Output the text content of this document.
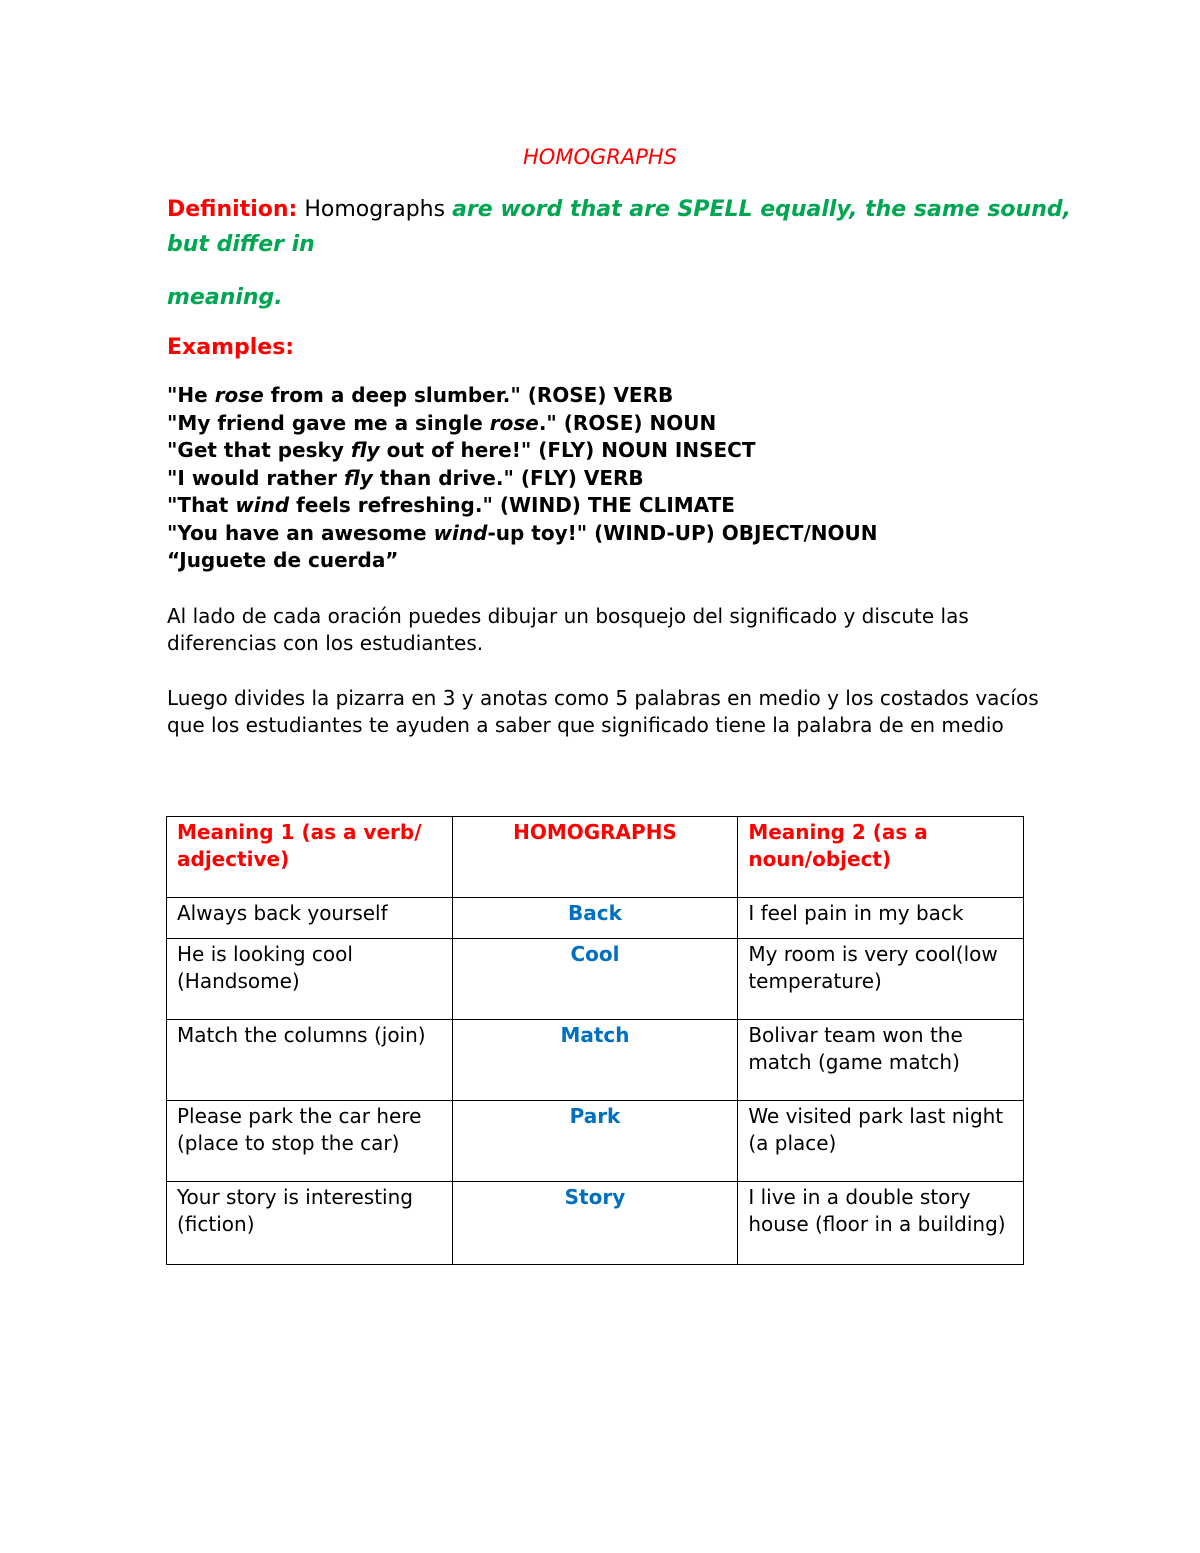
HOMOGRAPHS
Definition: Homographs are word that are SPELL equally, the same sound,
but differ in
meaning.
Examples:
"He rose from a deep slumber." (ROSE) VERB
"My friend gave me a single rose." (ROSE) NOUN
"Get that pesky fly out of here!" (FLY) NOUN INSECT
"I would rather fly than drive." (FLY) VERB
"That wind feels refreshing." (WIND) THE CLIMATE
"You have an awesome wind-up toy!" (WIND-UP) OBJECT/NOUN
“Juguete de cuerda”
Al lado de cada oración puedes dibujar un bosquejo del significado y discute las diferencias con los estudiantes.
Luego divides la pizarra en 3 y anotas como 5 palabras en medio y los costados vacíos que los estudiantes te ayuden a saber que significado tiene la palabra de en medio
Meaning 1 (as a verb/ adjective)	HOMOGRAPHS	Meaning 2 (as a noun/object)
Always back yourself	Back	I feel pain in my back
He is looking cool (Handsome)	Cool	My room is very cool(low temperature)
Match the columns (join)	Match	Bolivar team won the match (game match)
Please park the car here (place to stop the car)	Park	We visited park last night (a place)
Your story is interesting (fiction)	Story	I live in a double story house (floor in a building)
